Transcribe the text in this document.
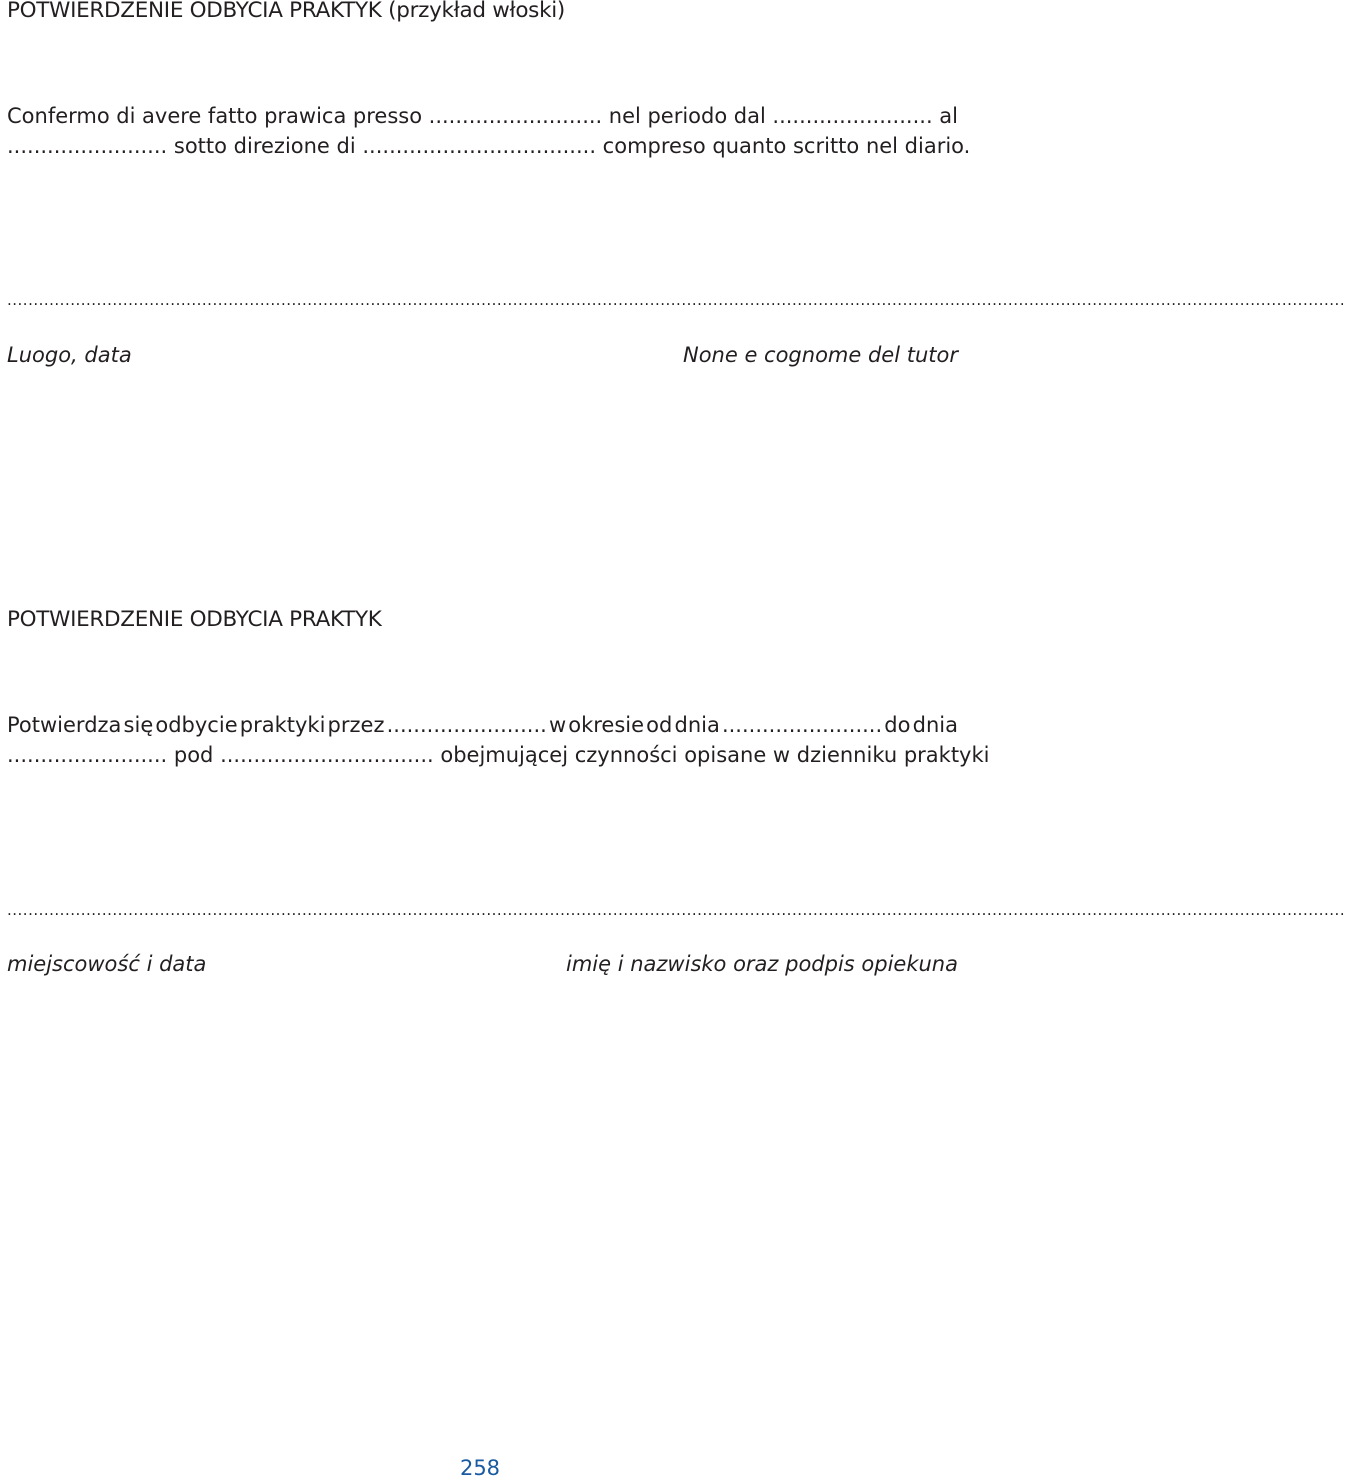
POTWIERDZENIE ODBYCIA PRAKTYK (przykład włoski)

Confermo di avere fatto prawica presso .......................... nel periodo dal ........................ al

........................ sotto direzione di ................................... compreso quanto scritto nel diario.

..............................................................................................................................................................................................................................................................
Luogo, data	None e cognome del tutor
POTWIERDZENIE ODBYCIA PRAKTYK

Potwierdza się odbycie praktyki przez ........................ w okresie od dnia ........................ do dnia

........................ pod ................................ obejmującej czynności opisane w dzienniku praktyki

..............................................................................................................................................................................................................................................................
miejscowość i data	imię i nazwisko oraz podpis opiekuna
258
